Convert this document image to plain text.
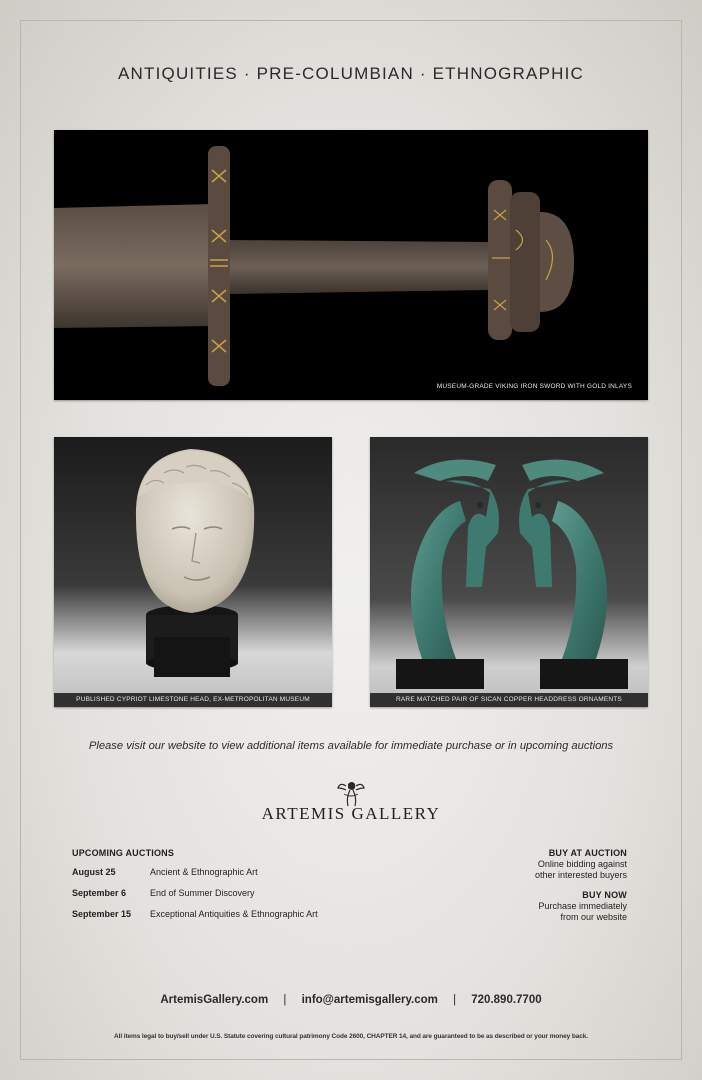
ANTIQUITIES · PRE-COLUMBIAN · ETHNOGRAPHIC
MUSEUM-GRADE VIKING IRON SWORD WITH GOLD INLAYS
PUBLISHED CYPRIOT LIMESTONE HEAD, EX-METROPOLITAN MUSEUM	RARE MATCHED PAIR OF SICAN COPPER HEADDRESS ORNAMENTS
Please visit our website to view additional items available for immediate purchase or in upcoming auctions
ARTEMIS GALLERY
UPCOMING AUCTIONS
August 25	Ancient & Ethnographic Art
September 6	End of Summer Discovery
September 15	Exceptional Antiquities & Ethnographic Art
BUY AT AUCTION
Online bidding against
other interested buyers
BUY NOW
Purchase immediately
from our website
ArtemisGallery.com | info@artemisgallery.com | 720.890.7700
All items legal to buy/sell under U.S. Statute covering cultural patrimony Code 2600, CHAPTER 14, and are guaranteed to be as described or your money back.
